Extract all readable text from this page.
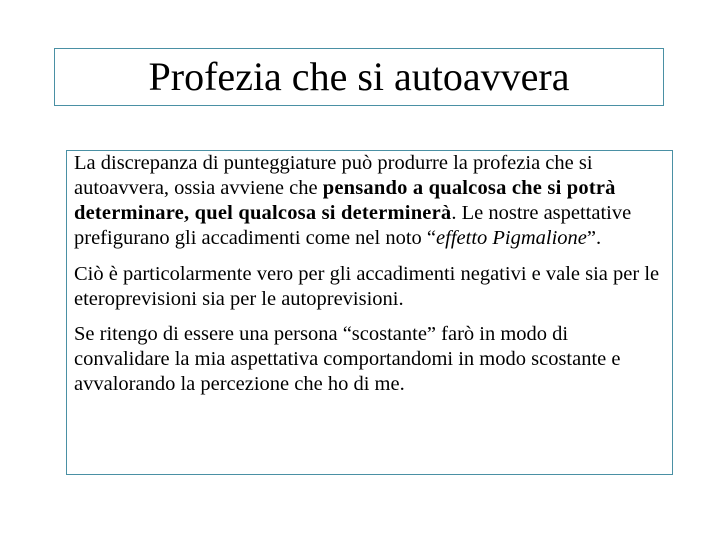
Profezia che si autoavvera

La discrepanza di punteggiature può produrre la profezia che si autoavvera, ossia avviene che pensando a qualcosa che si potrà determinare, quel qualcosa si determinerà. Le nostre aspettative prefigurano gli accadimenti come nel noto “effetto Pigmalione”.

Ciò è particolarmente vero per gli accadimenti negativi e vale sia per le eteroprevisioni sia per le autoprevisioni.

Se ritengo di essere una persona “scostante” farò in modo di convalidare la mia aspettativa comportandomi in modo scostante e avvalorando la percezione che ho di me.
